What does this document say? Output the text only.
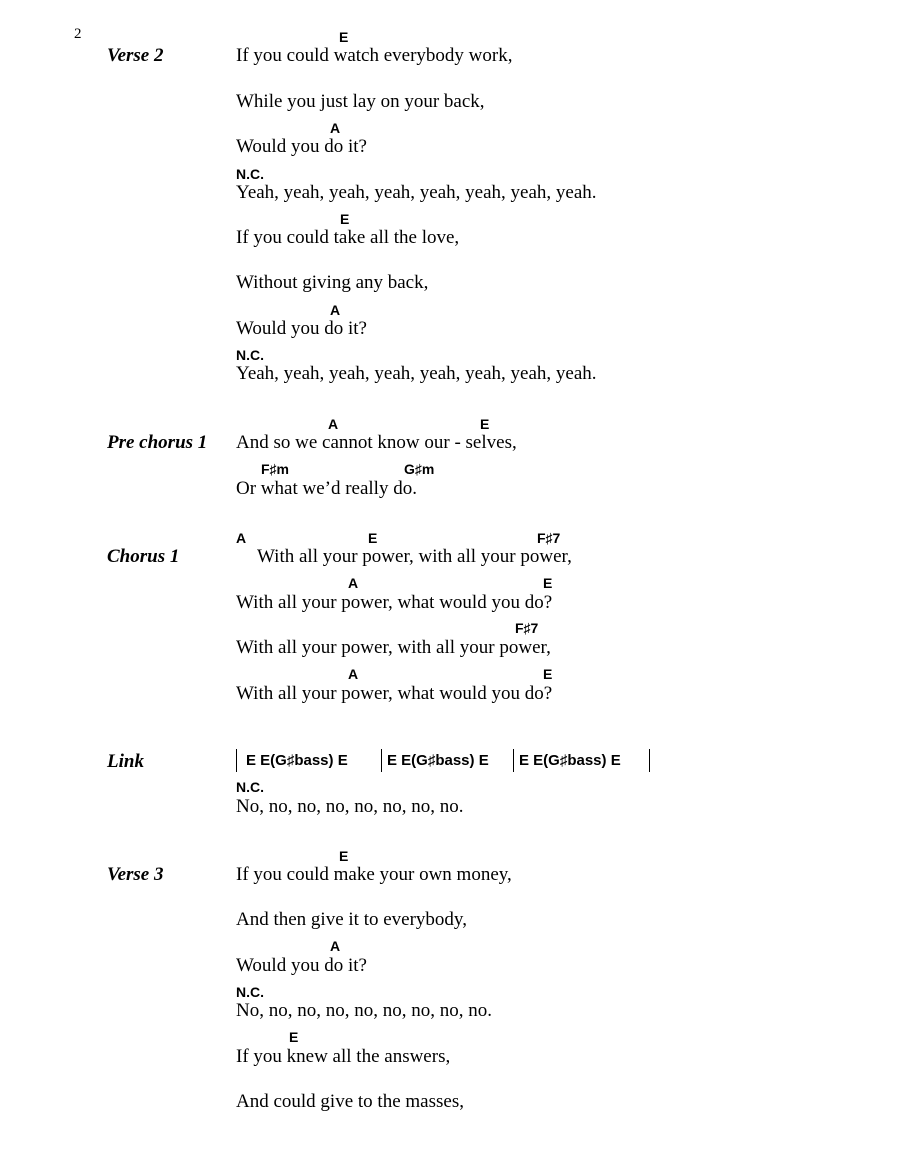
2
Verse 2
E
If you could watch everybody work,
While you just lay on your back,
A
Would you do it?
N.C.
Yeah, yeah, yeah, yeah, yeah, yeah, yeah, yeah.
E
If you could take all the love,
Without giving any back,
A
Would you do it?
N.C.
Yeah, yeah, yeah, yeah, yeah, yeah, yeah, yeah.
Pre chorus 1
A	E
And so we cannot know our - selves,
F♯m	G♯m
Or what we’d really do.
Chorus 1
A	E	F♯7
With all your power, with all your power,
A	E
With all your power, what would you do?
F♯7
With all your power, with all your power,
A	E
With all your power, what would you do?
Link	E E(G♯bass) E	E E(G♯bass) E E E(G♯bass) E
N.C.
No, no, no, no, no, no, no, no.
Verse 3
E
If you could make your own money,
And then give it to everybody,
A
Would you do it?
N.C.
No, no, no, no, no, no, no, no, no.
E
If you knew all the answers,
And could give to the masses,
